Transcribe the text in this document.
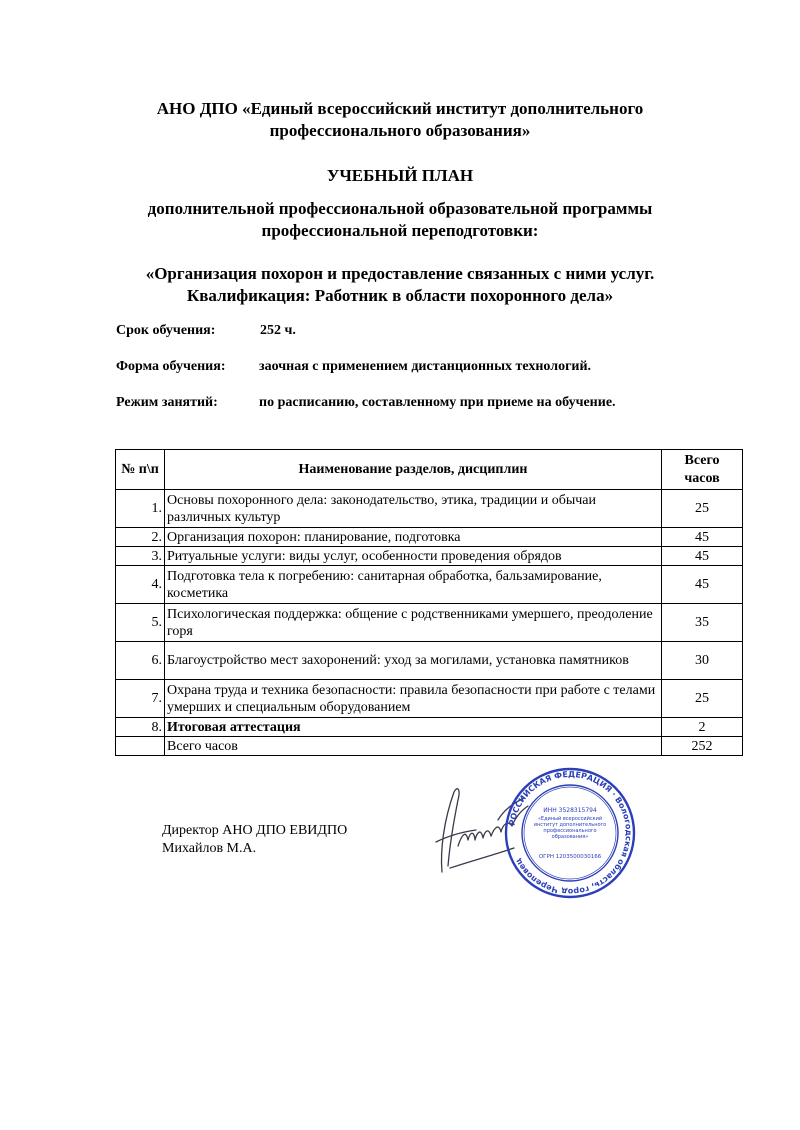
АНО ДПО «Единый всероссийский институт дополнительного
профессионального образования»
УЧЕБНЫЙ ПЛАН
дополнительной профессиональной образовательной программы
профессиональной переподготовки:
«Организация похорон и предоставление связанных с ними услуг.
Квалификация: Работник в области похоронного дела»
Срок обучения:	252 ч.
Форма обучения: заочная с применением дистанционных технологий.
Режим занятий:	по расписанию, составленному при приеме на обучение.
№ п\п	Наименование разделов, дисциплин	Всего
часов

1.	Основы похоронного дела: законодательство, этика, традиции и обычаи различных культур	25
2.	Организация похорон: планирование, подготовка	45
3.	Ритуальные услуги: виды услуг, особенности проведения обрядов	45
4.	Подготовка тела к погребению: санитарная обработка, бальзамирование, косметика	45
5.	Психологическая поддержка: общение с родственниками умершего, преодоление горя	35
6.	Благоустройство мест захоронений: уход за могилами, установка памятников	30
7.	Охрана труда и техника безопасности: правила безопасности при работе с телами умерших и специальным оборудованием	25
8.	Итоговая аттестация	2
	Всего часов	252
Директор АНО ДПО ЕВИДПО
Михайлов М.А.
РОССИЙСКАЯ ФЕДЕРАЦИЯ · Вологодская область, город Череповец
ИНН 3528315794
«Единый всероссийский институт дополнительного профессионального образования»
ОГРН 1203500030166
